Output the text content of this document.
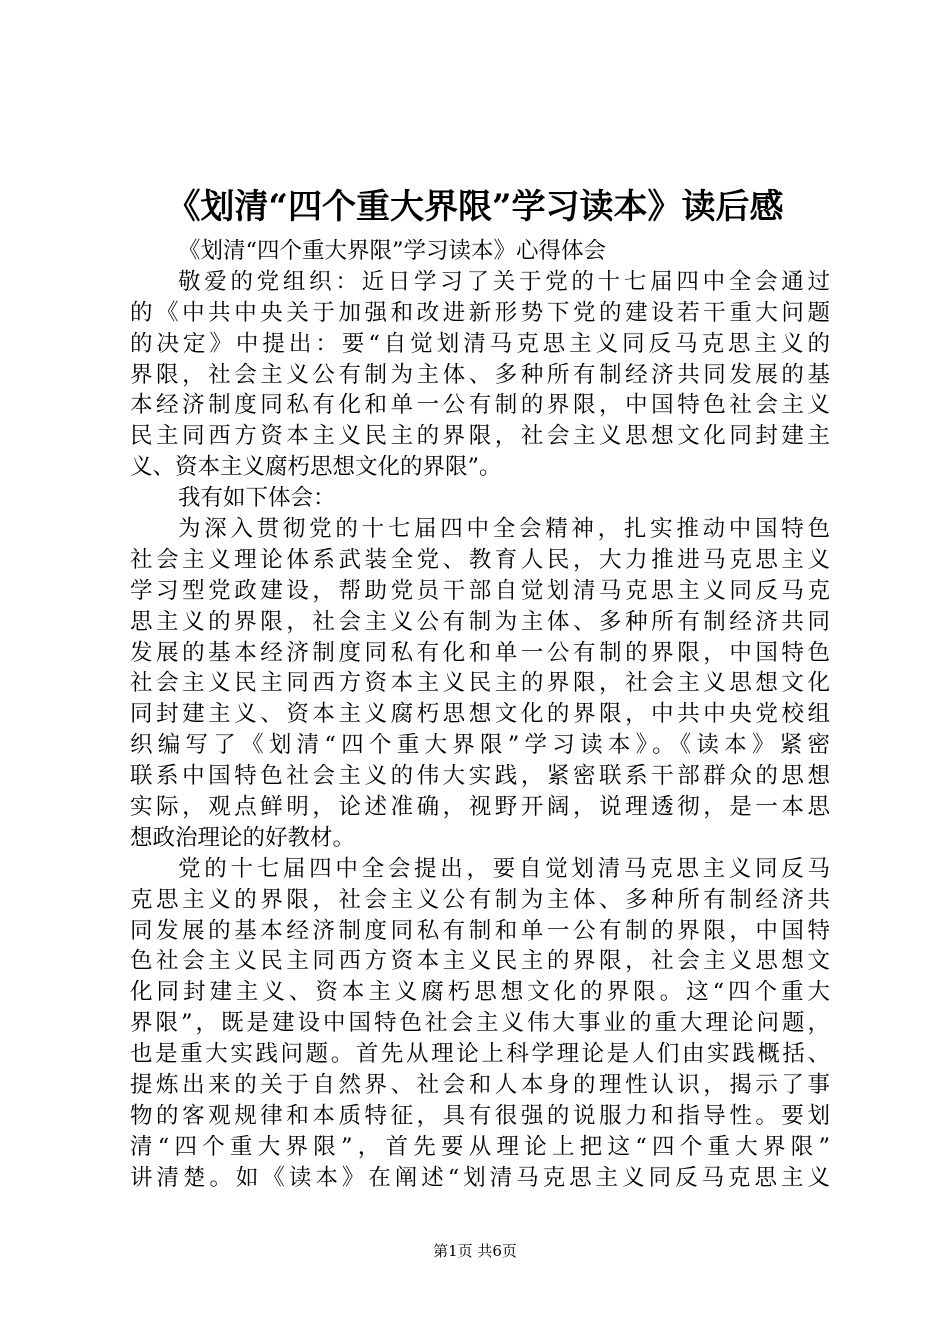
《划清“四个重大界限”学习读本》读后感
《划清“四个重大界限”学习读本》心得体会
敬爱的党组织：近日学习了关于党的十七届四中全会通过
的《中共中央关于加强和改进新形势下党的建设若干重大问题
的决定》中提出：要“自觉划清马克思主义同反马克思主义的
界限，社会主义公有制为主体、多种所有制经济共同发展的基
本经济制度同私有化和单一公有制的界限，中国特色社会主义
民主同西方资本主义民主的界限，社会主义思想文化同封建主
义、资本主义腐朽思想文化的界限”。
我有如下体会：
为深入贯彻党的十七届四中全会精神，扎实推动中国特色
社会主义理论体系武装全党、教育人民，大力推进马克思主义
学习型党政建设，帮助党员干部自觉划清马克思主义同反马克
思主义的界限，社会主义公有制为主体、多种所有制经济共同
发展的基本经济制度同私有化和单一公有制的界限，中国特色
社会主义民主同西方资本主义民主的界限，社会主义思想文化
同封建主义、资本主义腐朽思想文化的界限，中共中央党校组
织编写了《划清“四个重大界限”学习读本》。《读本》紧密
联系中国特色社会主义的伟大实践，紧密联系干部群众的思想
实际，观点鲜明，论述准确，视野开阔，说理透彻，是一本思
想政治理论的好教材。
党的十七届四中全会提出，要自觉划清马克思主义同反马
克思主义的界限，社会主义公有制为主体、多种所有制经济共
同发展的基本经济制度同私有制和单一公有制的界限，中国特
色社会主义民主同西方资本主义民主的界限，社会主义思想文
化同封建主义、资本主义腐朽思想文化的界限。这“四个重大
界限”，既是建设中国特色社会主义伟大事业的重大理论问题，
也是重大实践问题。首先从理论上科学理论是人们由实践概括、
提炼出来的关于自然界、社会和人本身的理性认识，揭示了事
物的客观规律和本质特征，具有很强的说服力和指导性。要划
清“四个重大界限”，首先要从理论上把这“四个重大界限”
讲清楚。如《读本》在阐述“划清马克思主义同反马克思主义
第1页 共6页
